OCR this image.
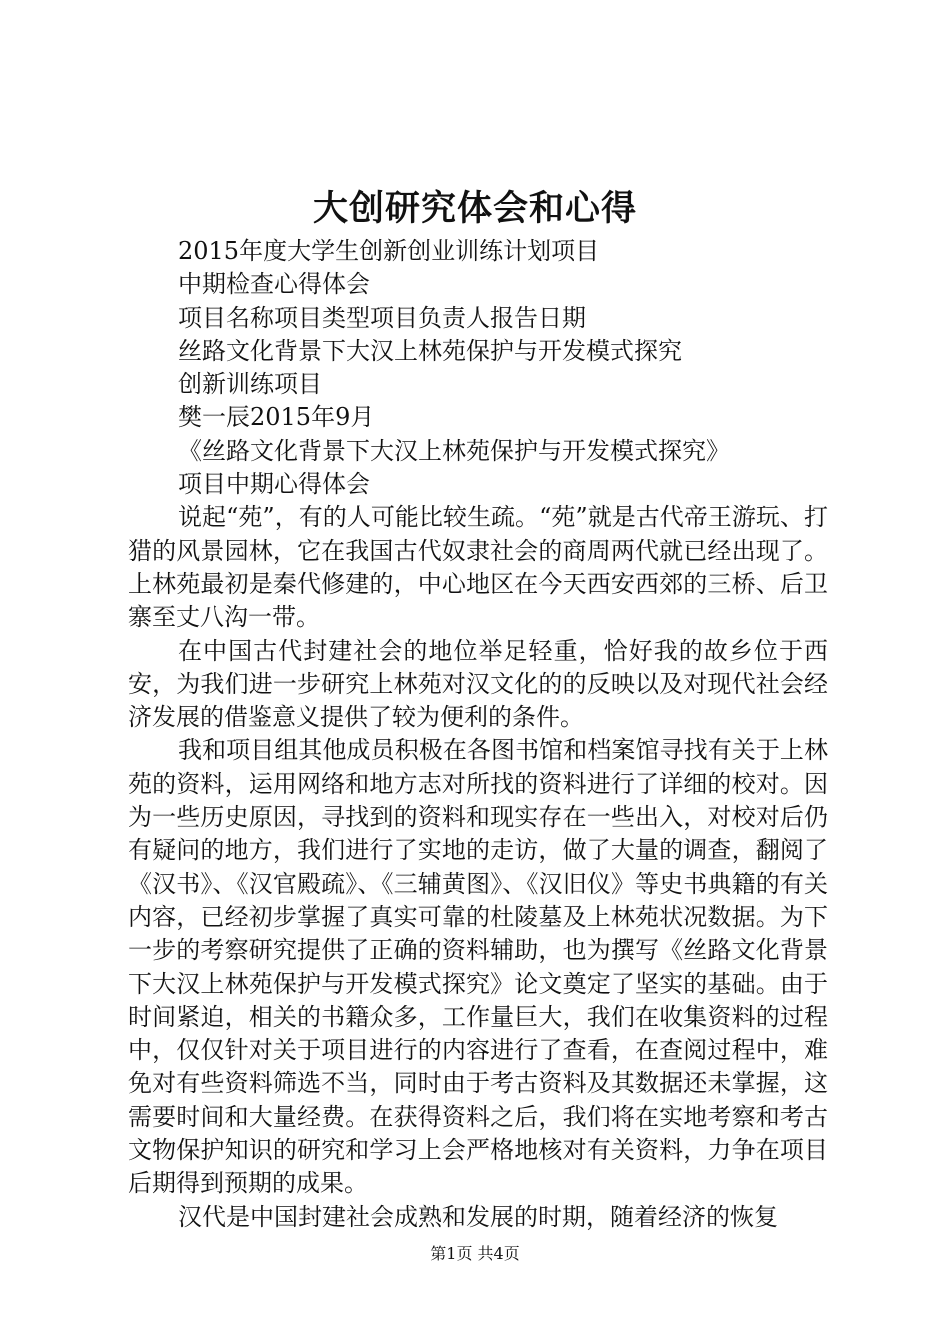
大创研究体会和心得

2015年度大学生创新创业训练计划项目

中期检查心得体会

项目名称项目类型项目负责人报告日期

丝路文化背景下大汉上林苑保护与开发模式探究

创新训练项目

樊一辰2015年9月

《丝路文化背景下大汉上林苑保护与开发模式探究》

项目中期心得体会

说起“苑”，有的人可能比较生疏。“苑”就是古代帝王游玩、打猎的风景园林，它在我国古代奴隶社会的商周两代就已经出现了。上林苑最初是秦代修建的，中心地区在今天西安西郊的三桥、后卫寨至丈八沟一带。

在中国古代封建社会的地位举足轻重，恰好我的故乡位于西安，为我们进一步研究上林苑对汉文化的的反映以及对现代社会经济发展的借鉴意义提供了较为便利的条件。

我和项目组其他成员积极在各图书馆和档案馆寻找有关于上林苑的资料，运用网络和地方志对所找的资料进行了详细的校对。因为一些历史原因，寻找到的资料和现实存在一些出入，对校对后仍有疑问的地方，我们进行了实地的走访，做了大量的调查，翻阅了《汉书》、《汉官殿疏》、《三辅黄图》、《汉旧仪》等史书典籍的有关内容，已经初步掌握了真实可靠的杜陵墓及上林苑状况数据。为下一步的考察研究提供了正确的资料辅助，也为撰写《丝路文化背景下大汉上林苑保护与开发模式探究》论文奠定了坚实的基础。由于时间紧迫，相关的书籍众多，工作量巨大，我们在收集资料的过程中，仅仅针对关于项目进行的内容进行了查看，在查阅过程中，难免对有些资料筛选不当，同时由于考古资料及其数据还未掌握，这需要时间和大量经费。在获得资料之后，我们将在实地考察和考古文物保护知识的研究和学习上会严格地核对有关资料，力争在项目后期得到预期的成果。

汉代是中国封建社会成熟和发展的时期，随着经济的恢复

第1页 共4页
